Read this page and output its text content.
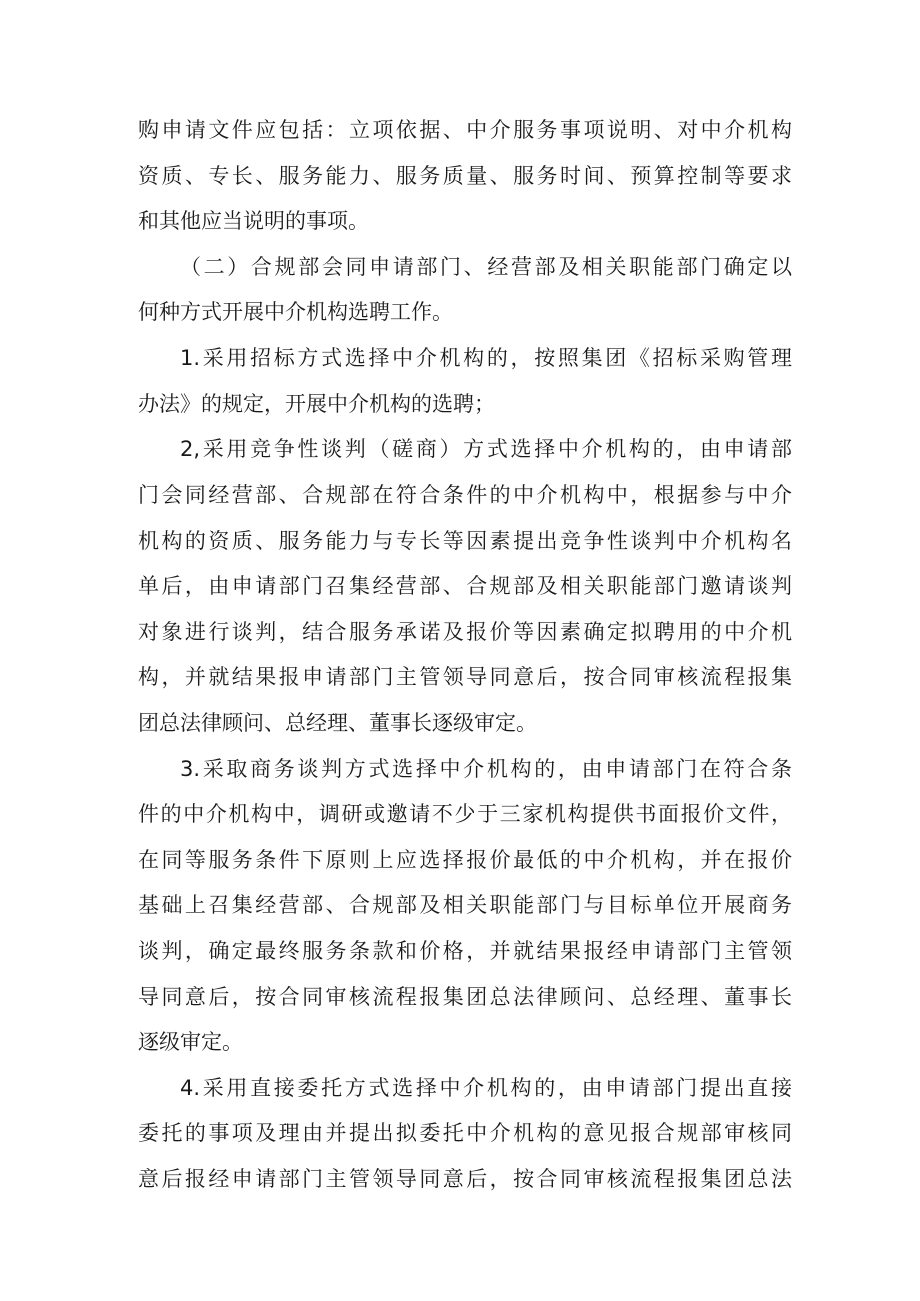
购申请文件应包括：立项依据、中介服务事项说明、对中介机构
资质、专长、服务能力、服务质量、服务时间、预算控制等要求
和其他应当说明的事项。
（二）合规部会同申请部门、经营部及相关职能部门确定以
何种方式开展中介机构选聘工作。
1.采用招标方式选择中介机构的，按照集团《招标采购管理
办法》的规定，开展中介机构的选聘；
2,采用竞争性谈判（磋商）方式选择中介机构的，由申请部
门会同经营部、合规部在符合条件的中介机构中，根据参与中介
机构的资质、服务能力与专长等因素提出竞争性谈判中介机构名
单后，由申请部门召集经营部、合规部及相关职能部门邀请谈判
对象进行谈判，结合服务承诺及报价等因素确定拟聘用的中介机
构，并就结果报申请部门主管领导同意后，按合同审核流程报集
团总法律顾问、总经理、董事长逐级审定。
3.采取商务谈判方式选择中介机构的，由申请部门在符合条
件的中介机构中，调研或邀请不少于三家机构提供书面报价文件，
在同等服务条件下原则上应选择报价最低的中介机构，并在报价
基础上召集经营部、合规部及相关职能部门与目标单位开展商务
谈判，确定最终服务条款和价格，并就结果报经申请部门主管领
导同意后，按合同审核流程报集团总法律顾问、总经理、董事长
逐级审定。
4.采用直接委托方式选择中介机构的，由申请部门提出直接
委托的事项及理由并提出拟委托中介机构的意见报合规部审核同
意后报经申请部门主管领导同意后，按合同审核流程报集团总法
